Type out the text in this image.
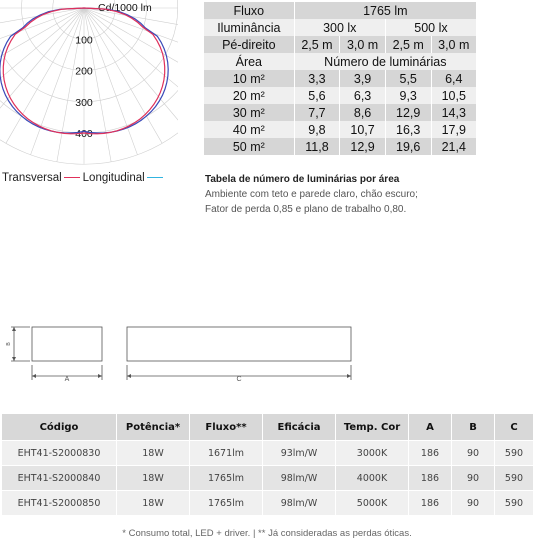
Cd/1000 lm
100
200
300
400
Fluxo	1765 lm			
Iluminância	300 lx		500 lx	
Pé-direito	2,5 m	3,0 m	2,5 m	3,0 m
Área	Número de luminárias			
10 m²	3,3	3,9	5,5	6,4
20 m²	5,6	6,3	9,3	10,5
30 m²	7,7	8,6	12,9	14,3
40 m²	9,8	10,7	16,3	17,9
50 m²	11,8	12,9	19,6	21,4
Transversal Longitudinal	Tabela de número de luminárias por área
Ambiente com teto e parede claro, chão escuro;
Fator de perda 0,85 e plano de trabalho 0,80.
B
A	C
Código	Potência*	Fluxo**	Eficácia	Temp. Cor	A	B	C
EHT41-S2000830	18W	1671lm	93lm/W	3000K	186	90	590
EHT41-S2000840	18W	1765lm	98lm/W	4000K	186	90	590
EHT41-S2000850	18W	1765lm	98lm/W	5000K	186	90	590
* Consumo total, LED + driver. | ** Já consideradas as perdas óticas.
